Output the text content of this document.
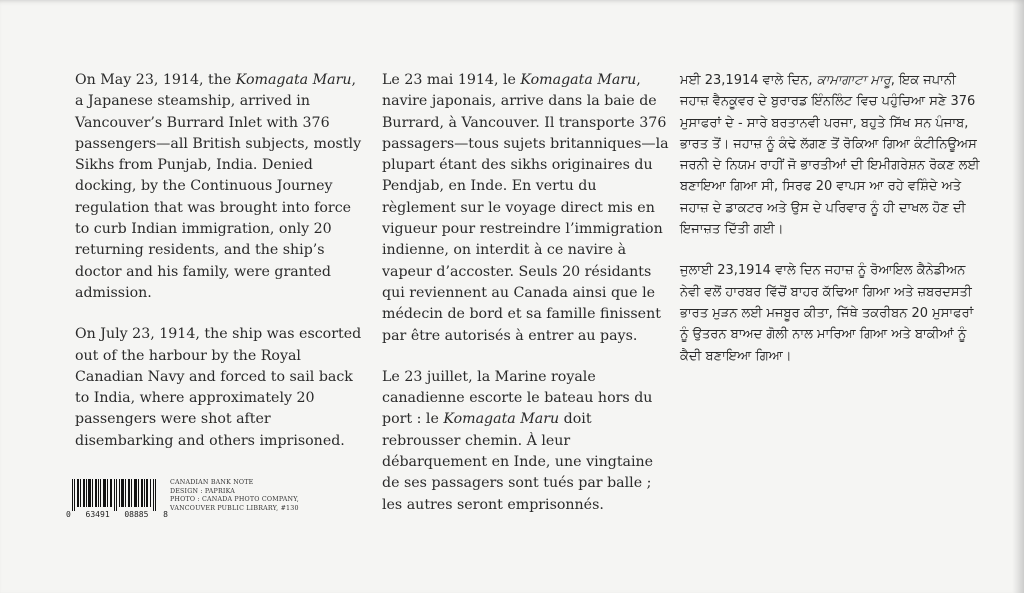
On May 23, 1914, the Komagata Maru, a Japanese steamship, arrived in Vancouver’s Burrard Inlet with 376 passengers—all British subjects, mostly Sikhs from Punjab, India. Denied docking, by the Continuous Journey regulation that was brought into force to curb Indian immigration, only 20 returning residents, and the ship’s doctor and his family, were granted admission.

On July 23, 1914, the ship was escorted out of the harbour by the Royal Canadian Navy and forced to sail back to India, where approximately 20 passengers were shot after disembarking and others imprisoned.

Le 23 mai 1914, le Komagata Maru, navire japonais, arrive dans la baie de Burrard, à Vancouver. Il transporte 376 passagers—tous sujets britanniques—la plupart étant des sikhs originaires du Pendjab, en Inde. En vertu du règlement sur le voyage direct mis en vigueur pour restreindre l’immigration indienne, on interdit à ce navire à vapeur d’accoster. Seuls 20 résidants qui reviennent au Canada ainsi que le médecin de bord et sa famille finissent par être autorisés à entrer au pays.

Le 23 juillet, la Marine royale canadienne escorte le bateau hors du port : le Komagata Maru doit rebrousser chemin. À leur débarquement en Inde, une vingtaine de ses passagers sont tués par balle ; les autres seront emprisonnés.

ਮਈ 23,1914 ਵਾਲੇ ਦਿਨ, ਕਾਮਾਗਾਟਾ ਮਾਰੂ, ਇਕ ਜਪਾਨੀ ਜਹਾਜ਼ ਵੈਨਕੂਵਰ ਦੇ ਬੁਰਾਰਡ ਇੰਨਲਿੰਟ ਵਿਚ ਪਹੁੰਚਿਆ ਸਣੇ 376 ਮੁਸਾਫਰਾਂ ਦੇ - ਸਾਰੇ ਬਰਤਾਨਵੀ ਪਰਜਾ, ਬਹੁਤੇ ਸਿੱਖ ਸਨ ਪੰਜਾਬ, ਭਾਰਤ ਤੋਂ। ਜਹਾਜ਼ ਨੂੰ ਕੰਢੇ ਲੱਗਣ ਤੋਂ ਰੋਕਿਆ ਗਿਆ ਕੰਟੀਨਿਊਅਸ ਜਰਨੀ ਦੇ ਨਿਯਮ ਰਾਹੀਂ ਜੋ ਭਾਰਤੀਆਂ ਦੀ ਇਮੀਗਰੇਸ਼ਨ ਰੋਕਣ ਲਈ ਬਣਾਇਆ ਗਿਆ ਸੀ, ਸਿਰਫ 20 ਵਾਪਸ ਆ ਰਹੇ ਵਸ਼ਿੰਦੇ ਅਤੇ ਜਹਾਜ਼ ਦੇ ਡਾਕਟਰ ਅਤੇ ਉਸ ਦੇ ਪਰਿਵਾਰ ਨੂੰ ਹੀ ਦਾਖਲ ਹੋਣ ਦੀ ਇਜਾਜ਼ਤ ਦਿੱਤੀ ਗਈ।

ਜੁਲਾਈ 23,1914 ਵਾਲੇ ਦਿਨ ਜਹਾਜ਼ ਨੂੰ ਰੋਆਇਲ ਕੈਨੇਡੀਅਨ ਨੇਵੀ ਵਲੋਂ ਹਾਰਬਰ ਵਿੱਚੋਂ ਬਾਹਰ ਕੱਢਿਆ ਗਿਆ ਅਤੇ ਜ਼ਬਰਦਸਤੀ ਭਾਰਤ ਮੁੜਨ ਲਈ ਮਜਬੂਰ ਕੀਤਾ, ਜਿੱਥੇ ਤਕਰੀਬਨ 20 ਮੁਸਾਫਰਾਂ ਨੂੰ ਉਤਰਨ ਬਾਅਦ ਗੋਲੀ ਨਾਲ ਮਾਰਿਆ ਗਿਆ ਅਤੇ ਬਾਕੀਆਂ ਨੂੰ ਕੈਦੀ ਬਣਾਇਆ ਗਿਆ।

0 63491 08885 8
CANADIAN BANK NOTE
DESIGN : PAPRIKA
PHOTO : CANADA PHOTO COMPANY,
VANCOUVER PUBLIC LIBRARY, #130
